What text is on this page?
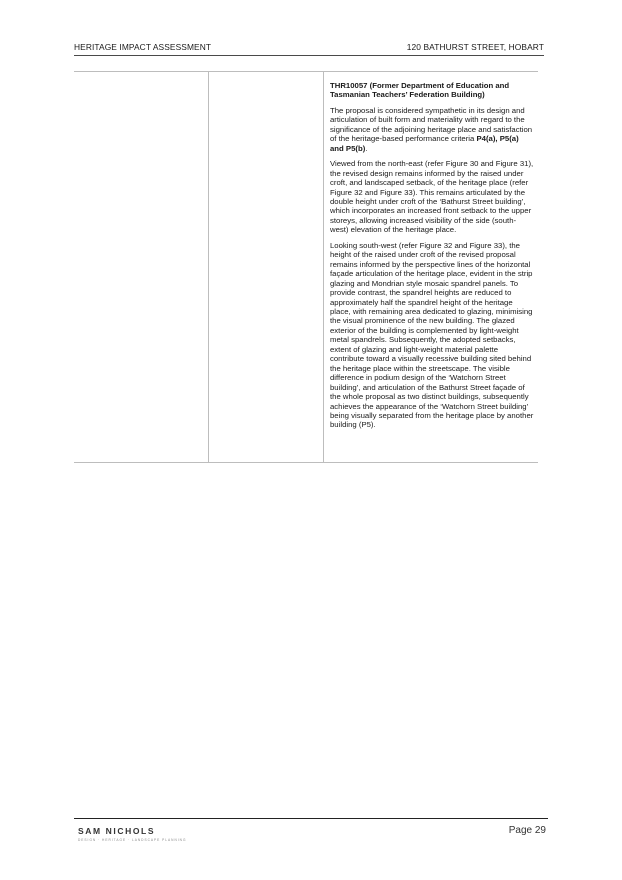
HERITAGE IMPACT ASSESSMENT	120 BATHURST STREET, HOBART

THR10057 (Former Department of Education and Tasmanian Teachers’ Federation Building)

The proposal is considered sympathetic in its design and articulation of built form and materiality with regard to the significance of the adjoining heritage place and satisfaction of the heritage-based performance criteria P4(a), P5(a) and P5(b).

Viewed from the north-east (refer Figure 30 and Figure 31), the revised design remains informed by the raised under croft, and landscaped setback, of the heritage place (refer Figure 32 and Figure 33). This remains articulated by the double height under croft of the ‘Bathurst Street building’, which incorporates an increased front setback to the upper storeys, allowing increased visibility of the side (south-west) elevation of the heritage place.

Looking south-west (refer Figure 32 and Figure 33), the height of the raised under croft of the revised proposal remains informed by the perspective lines of the horizontal façade articulation of the heritage place, evident in the strip glazing and Mondrian style mosaic spandrel panels. To provide contrast, the spandrel heights are reduced to approximately half the spandrel height of the heritage place, with remaining area dedicated to glazing, minimising the visual prominence of the new building. The glazed exterior of the building is complemented by light-weight metal spandrels. Subsequently, the adopted setbacks, extent of glazing and light-weight material palette contribute toward a visually recessive building sited behind the heritage place within the streetscape. The visible difference in podium design of the ‘Watchorn Street building’, and articulation of the Bathurst Street façade of the whole proposal as two distinct buildings, subsequently achieves the appearance of the ‘Watchorn Street building’ being visually separated from the heritage place by another building (P5).

SAM NICHOLS
DESIGN · HERITAGE · LANDSCAPE PLANNING
Page 29
